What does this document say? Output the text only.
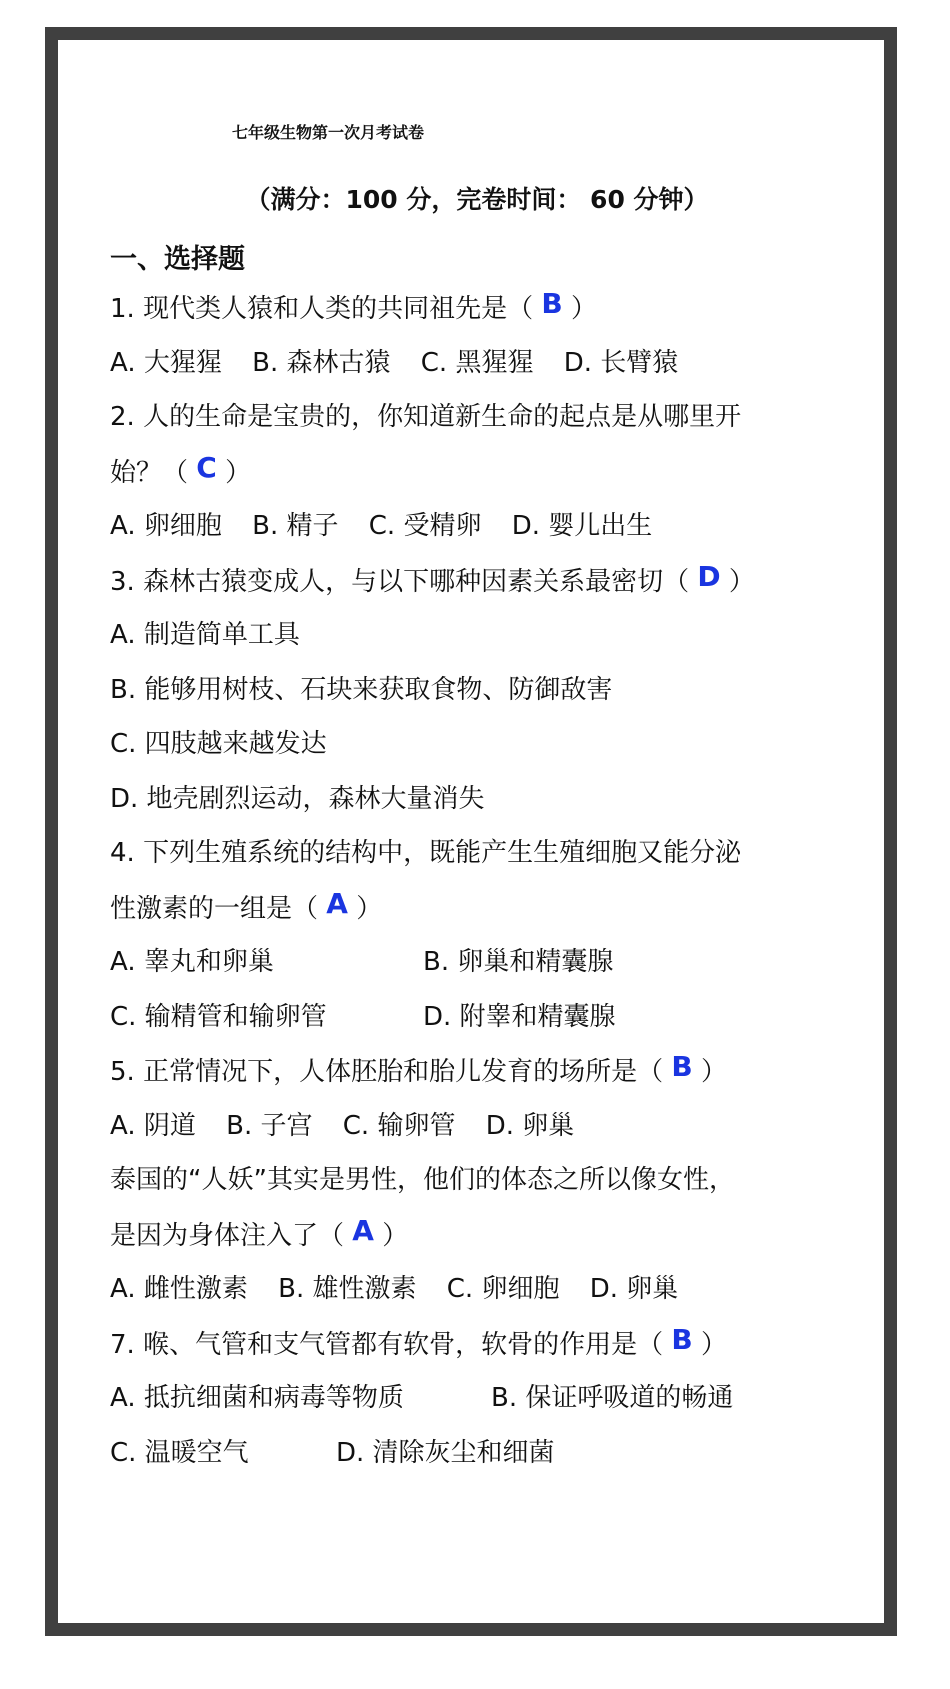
七年级生物第一次月考试卷
（满分：100 分，完卷时间： 60 分钟）
一、选择题
1. 现代类人猿和人类的共同祖先是（ B ）
A. 大猩猩 B. 森林古猿 C. 黑猩猩 D. 长臂猿
2. 人的生命是宝贵的，你知道新生命的起点是从哪里开
始？（ C ）
A. 卵细胞 B. 精子 C. 受精卵 D. 婴儿出生
3. 森林古猿变成人，与以下哪种因素关系最密切（ D ）
A. 制造简单工具
B. 能够用树枝、石块来获取食物、防御敌害
C. 四肢越来越发达
D. 地壳剧烈运动，森林大量消失
4. 下列生殖系统的结构中，既能产生生殖细胞又能分泌
性激素的一组是（ A ）
A. 睾丸和卵巢	B. 卵巢和精囊腺
C. 输精管和输卵管	D. 附睾和精囊腺
5. 正常情况下，人体胚胎和胎儿发育的场所是（ B ）
A. 阴道 B. 子宫 C. 输卵管 D. 卵巢
泰国的“人妖”其实是男性，他们的体态之所以像女性，
是因为身体注入了（ A ）
A. 雌性激素 B. 雄性激素 C. 卵细胞 D. 卵巢
7. 喉、气管和支气管都有软骨，软骨的作用是（ B ）
A. 抵抗细菌和病毒等物质	B. 保证呼吸道的畅通
C. 温暖空气	D. 清除灰尘和细菌
